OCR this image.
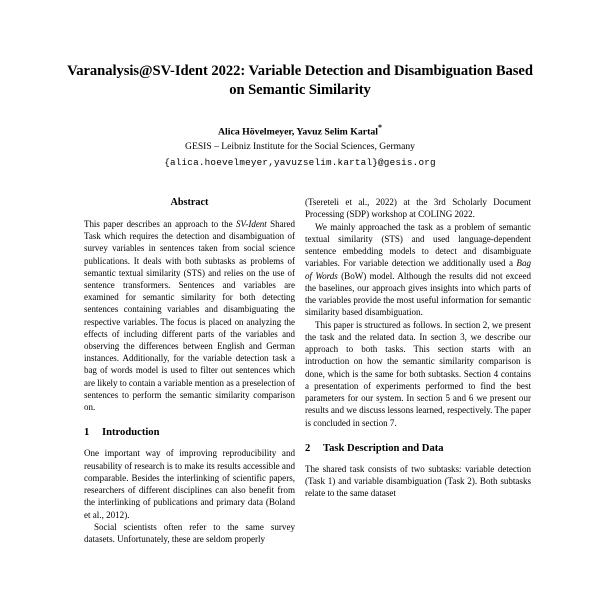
Varanalysis@SV-Ident 2022: Variable Detection and Disambiguation Based
on Semantic Similarity
Alica Hövelmeyer, Yavuz Selim Kartal*
GESIS – Leibniz Institute for the Social Sciences, Germany
{alica.hoevelmeyer,yavuzselim.kartal}@gesis.org
Abstract

This paper describes an approach to the SV-Ident Shared Task which requires the detection and disambiguation of survey variables in sentences taken from social science publications. It deals with both subtasks as problems of semantic textual similarity (STS) and relies on the use of sentence transformers. Sentences and variables are examined for semantic similarity for both detecting sentences containing variables and disambiguating the respective variables. The focus is placed on analyzing the effects of including different parts of the variables and observing the differences between English and German instances. Additionally, for the variable detection task a bag of words model is used to filter out sentences which are likely to contain a variable mention as a preselection of sentences to perform the semantic similarity comparison on.

1	Introduction

One important way of improving reproducibility and reusability of research is to make its results accessible and comparable. Besides the interlinking of scientific papers, researchers of different disciplines can also benefit from the interlinking of publications and primary data (Boland et al., 2012).

Social scientists often refer to the same survey datasets. Unfortunately, these are seldom properly

(Tsereteli et al., 2022) at the 3rd Scholarly Document Processing (SDP) workshop at COLING 2022.

We mainly approached the task as a problem of semantic textual similarity (STS) and used language-dependent sentence embedding models to detect and disambiguate variables. For variable detection we additionally used a Bag of Words (BoW) model. Although the results did not exceed the baselines, our approach gives insights into which parts of the variables provide the most useful information for semantic similarity based disambiguation.

This paper is structured as follows. In section 2, we present the task and the related data. In section 3, we describe our approach to both tasks. This section starts with an introduction on how the semantic similarity comparison is done, which is the same for both subtasks. Section 4 contains a presentation of experiments performed to find the best parameters for our system. In section 5 and 6 we present our results and we discuss lessons learned, respectively. The paper is concluded in section 7.

2	Task Description and Data

The shared task consists of two subtasks: variable detection (Task 1) and variable disambiguation (Task 2). Both subtasks relate to the same dataset
